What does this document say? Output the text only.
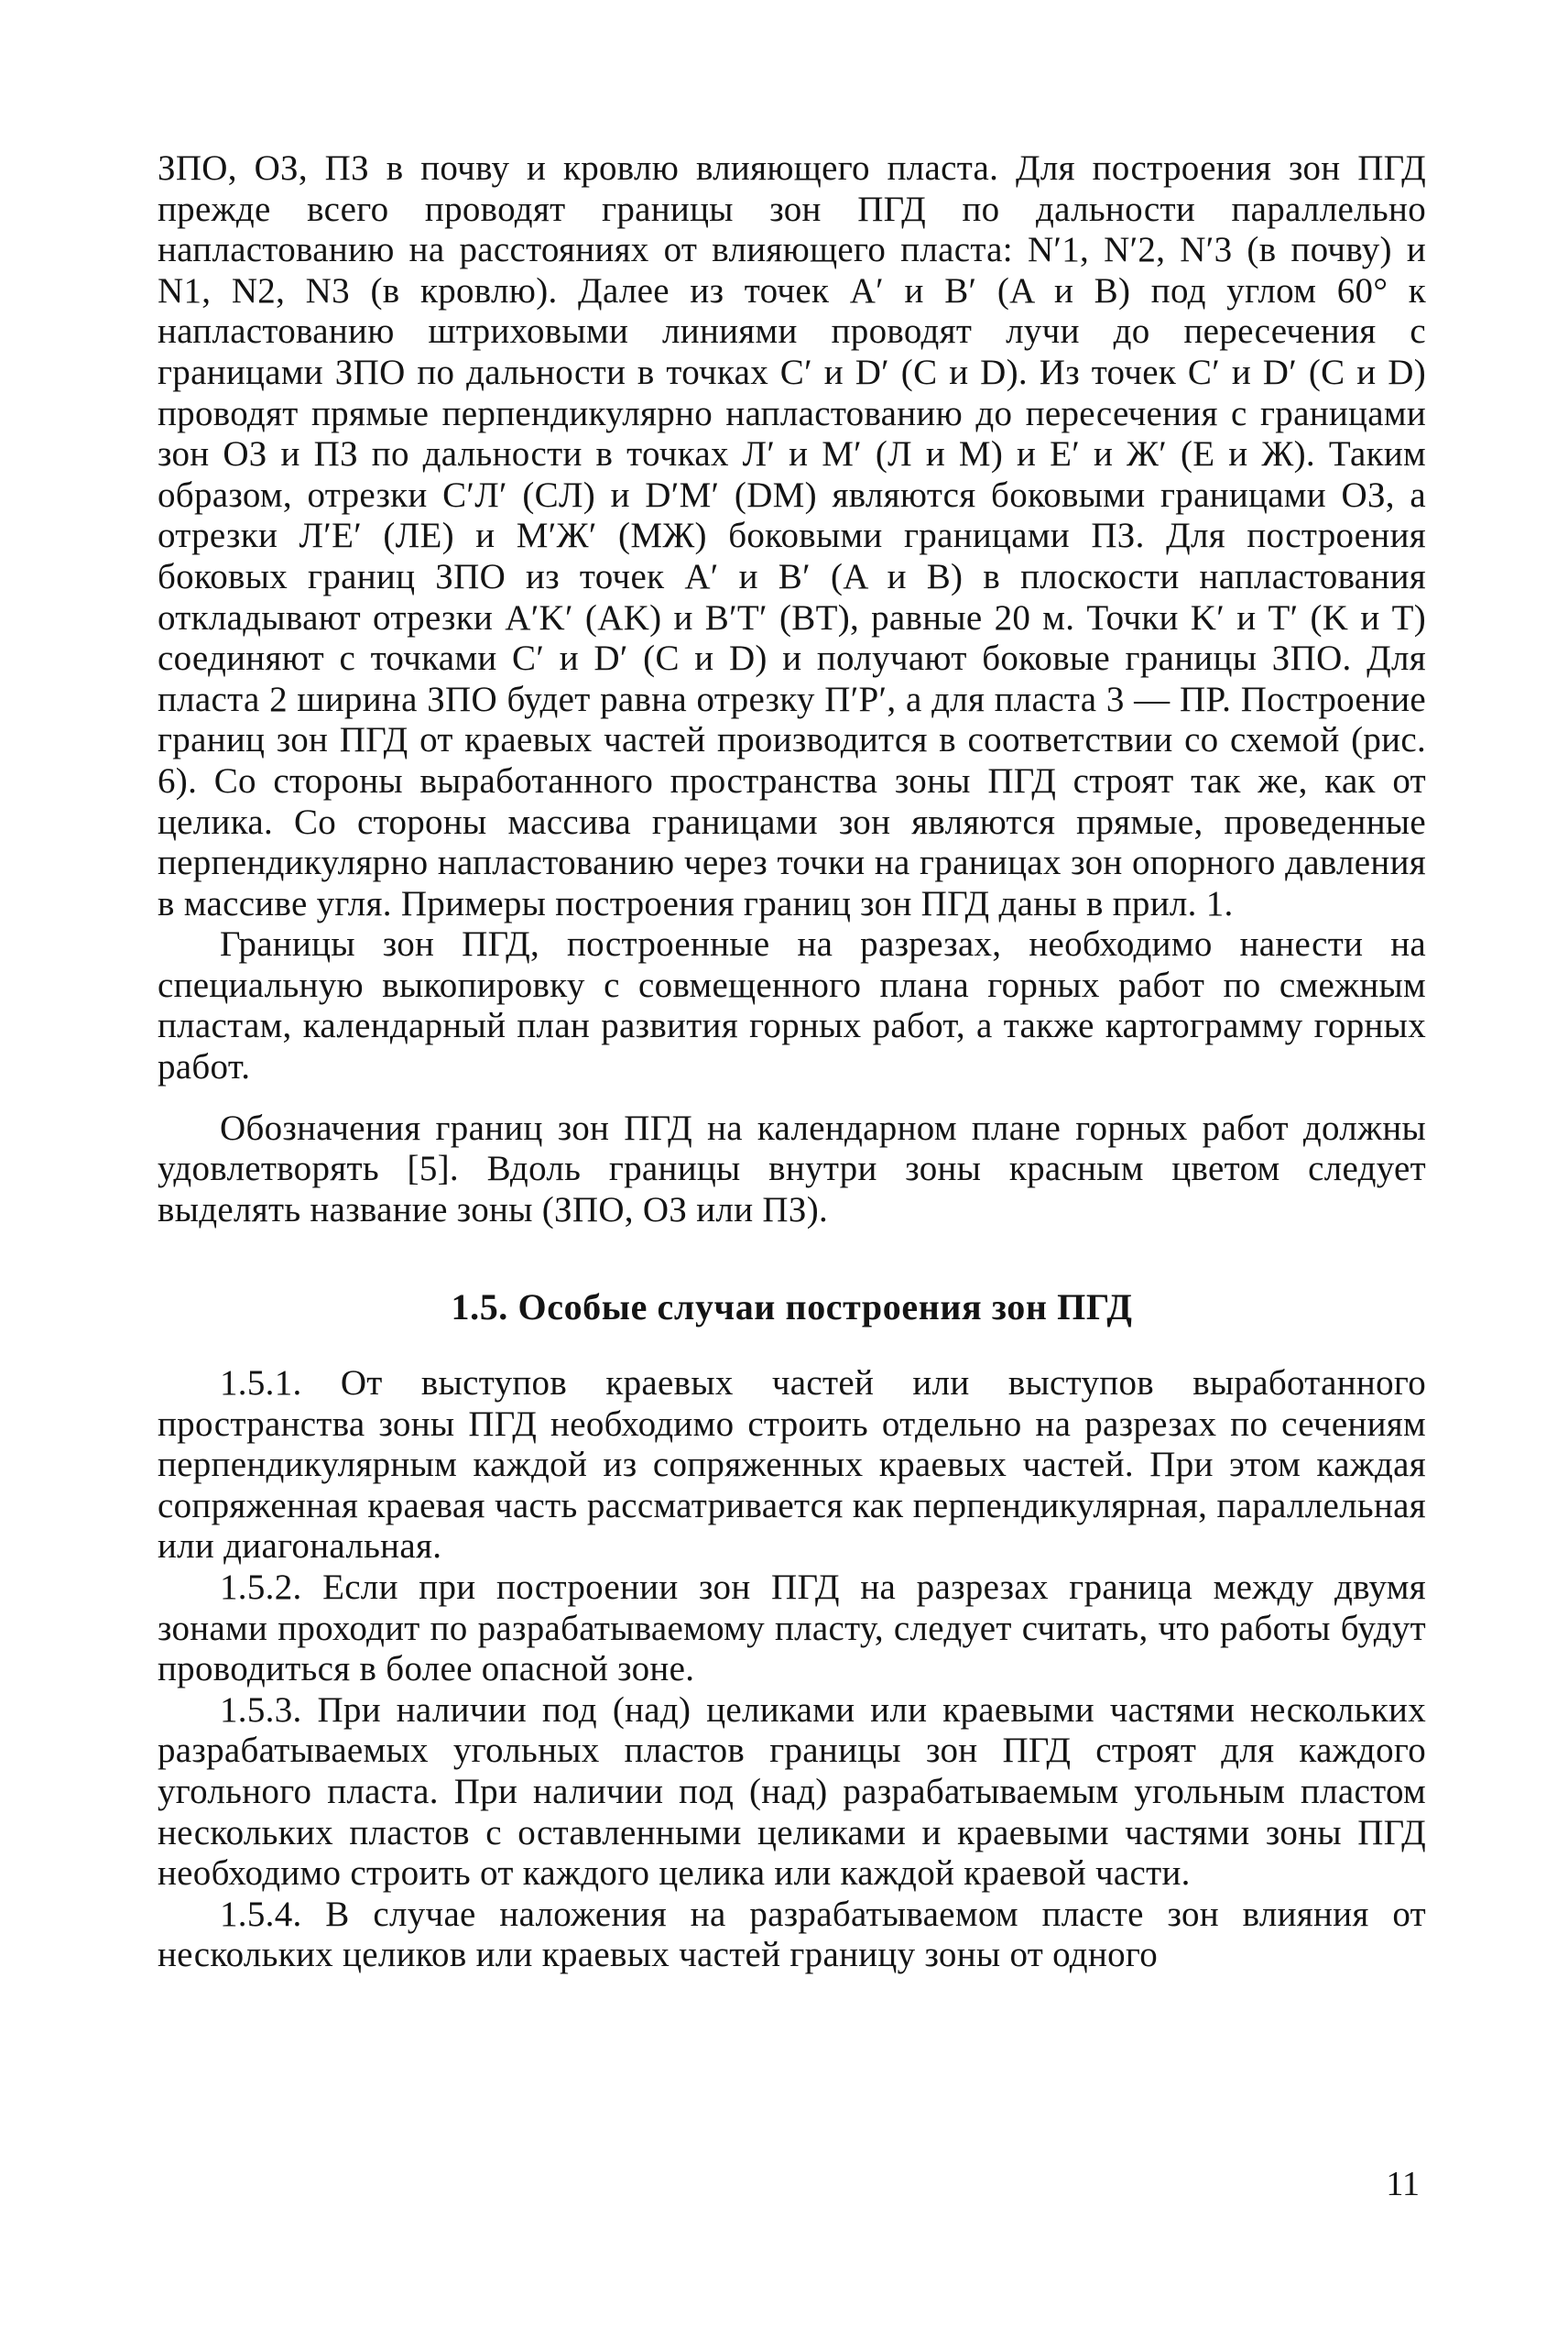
ЗПО, ОЗ, ПЗ в почву и кровлю влияющего пласта. Для построения зон ПГД прежде всего проводят границы зон ПГД по дальности параллельно напластованию на расстояниях от влияющего пласта: N′1, N′2, N′3 (в почву) и N1, N2, N3 (в кровлю). Далее из точек A′ и B′ (A и B) под углом 60° к напластованию штриховыми линиями проводят лучи до пересечения с границами ЗПО по дальности в точках C′ и D′ (C и D). Из точек C′ и D′ (C и D) проводят прямые перпендикулярно напластованию до пересечения с границами зон ОЗ и ПЗ по дальности в точках Л′ и M′ (Л и M) и E′ и Ж′ (E и Ж). Таким образом, отрезки C′Л′ (CЛ) и D′M′ (DM) являются боковыми границами ОЗ, а отрезки Л′E′ (ЛE) и M′Ж′ (MЖ) боковыми границами ПЗ. Для построения боковых границ ЗПО из точек A′ и B′ (A и B) в плоскости напластования откладывают отрезки A′K′ (AK) и B′T′ (BT), равные 20 м. Точки K′ и T′ (K и T) соединяют с точками C′ и D′ (C и D) и получают боковые границы ЗПО. Для пласта 2 ширина ЗПО будет равна отрезку П′P′, а для пласта 3 — ПP. Построение границ зон ПГД от краевых частей производится в соответствии со схемой (рис. 6). Со стороны выработанного пространства зоны ПГД строят так же, как от целика. Со стороны массива границами зон являются прямые, проведенные перпендикулярно напластованию через точки на границах зон опорного давления в массиве угля. Примеры построения границ зон ПГД даны в прил. 1.

Границы зон ПГД, построенные на разрезах, необходимо нанести на специальную выкопировку с совмещенного плана горных работ по смежным пластам, календарный план развития горных работ, а также картограмму горных работ.

Обозначения границ зон ПГД на календарном плане горных работ должны удовлетворять [5]. Вдоль границы внутри зоны красным цветом следует выделять название зоны (ЗПО, ОЗ или ПЗ).

1.5. Особые случаи построения зон ПГД

1.5.1. От выступов краевых частей или выступов выработанного пространства зоны ПГД необходимо строить отдельно на разрезах по сечениям перпендикулярным каждой из сопряженных краевых частей. При этом каждая сопряженная краевая часть рассматривается как перпендикулярная, параллельная или диагональная.

1.5.2. Если при построении зон ПГД на разрезах граница между двумя зонами проходит по разрабатываемому пласту, следует считать, что работы будут проводиться в более опасной зоне.

1.5.3. При наличии под (над) целиками или краевыми частями нескольких разрабатываемых угольных пластов границы зон ПГД строят для каждого угольного пласта. При наличии под (над) разрабатываемым угольным пластом нескольких пластов с оставленными целиками и краевыми частями зоны ПГД необходимо строить от каждого целика или каждой краевой части.

1.5.4. В случае наложения на разрабатываемом пласте зон влияния от нескольких целиков или краевых частей границу зоны от одного

11
